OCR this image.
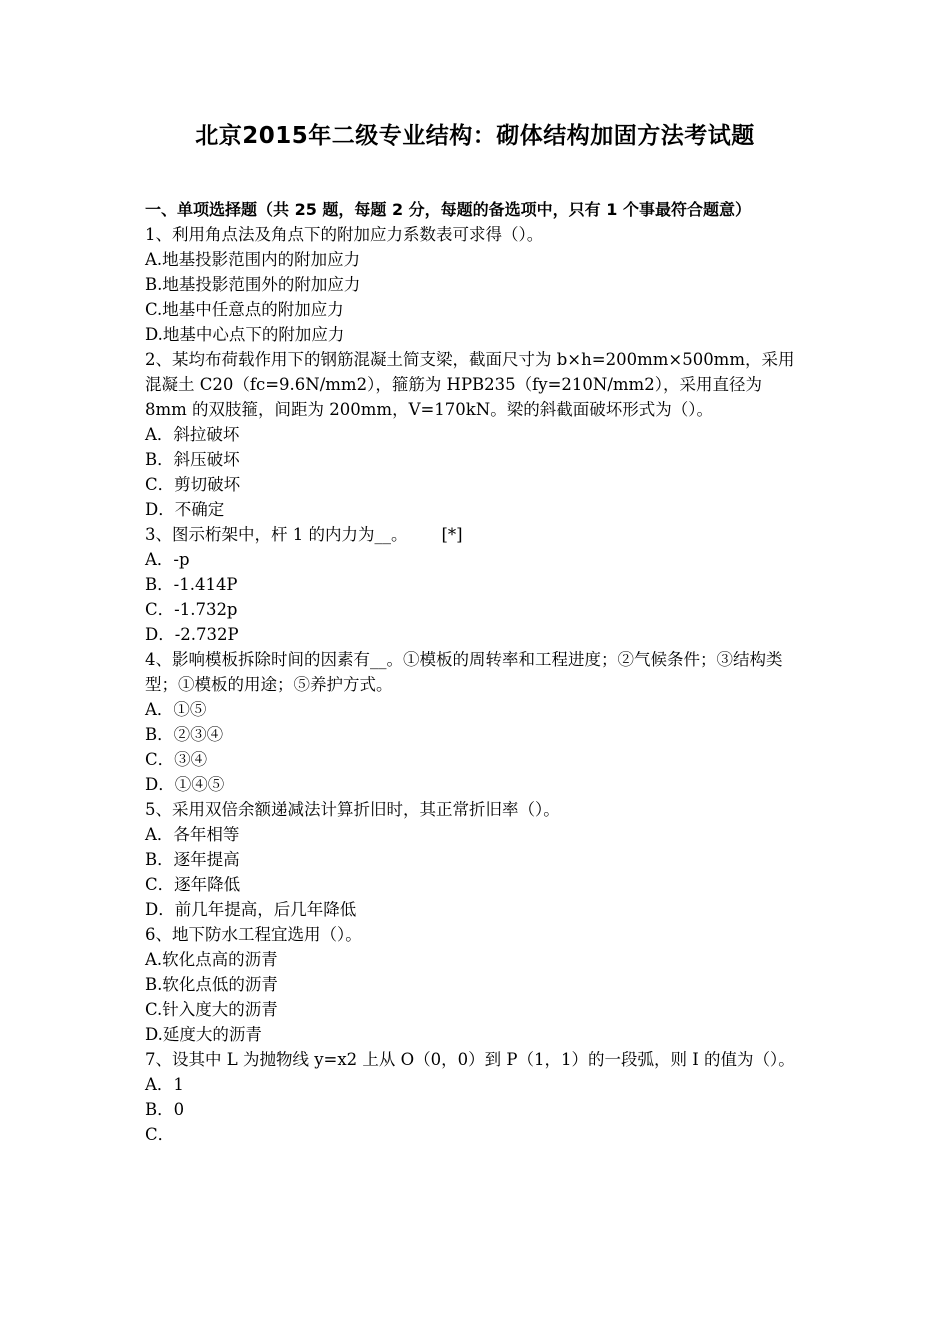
北京2015年二级专业结构：砌体结构加固方法考试题

一、单项选择题（共 25 题，每题 2 分，每题的备选项中，只有 1 个事最符合题意）

1、利用角点法及角点下的附加应力系数表可求得（）。

A.地基投影范围内的附加应力

B.地基投影范围外的附加应力

C.地基中任意点的附加应力

D.地基中心点下的附加应力

2、某均布荷载作用下的钢筋混凝土简支梁，截面尺寸为 b×h=200mm×500mm，采用混凝土 C20（fc=9.6N/mm2），箍筋为 HPB235（fy=210N/mm2），采用直径为 8mm 的双肢箍，间距为 200mm，V=170kN。梁的斜截面破坏形式为（）。

A．斜拉破坏

B．斜压破坏

C．剪切破坏

D．不确定

3、图示桁架中，杆 1 的内力为__。 [*]

A．-p

B．-1.414P

C．-1.732p

D．-2.732P

4、影响模板拆除时间的因素有__。①模板的周转率和工程进度；②气候条件；③结构类型；①模板的用途；⑤养护方式。

A．①⑤

B．②③④

C．③④

D．①④⑤

5、采用双倍余额递减法计算折旧时，其正常折旧率（）。

A．各年相等

B．逐年提高

C．逐年降低

D．前几年提高，后几年降低

6、地下防水工程宜选用（）。

A.软化点高的沥青

B.软化点低的沥青

C.针入度大的沥青

D.延度大的沥青

7、设其中 L 为抛物线 y=x2 上从 O（0，0）到 P（1，1）的一段弧，则 I 的值为（）。

A．1

B．0

C．
